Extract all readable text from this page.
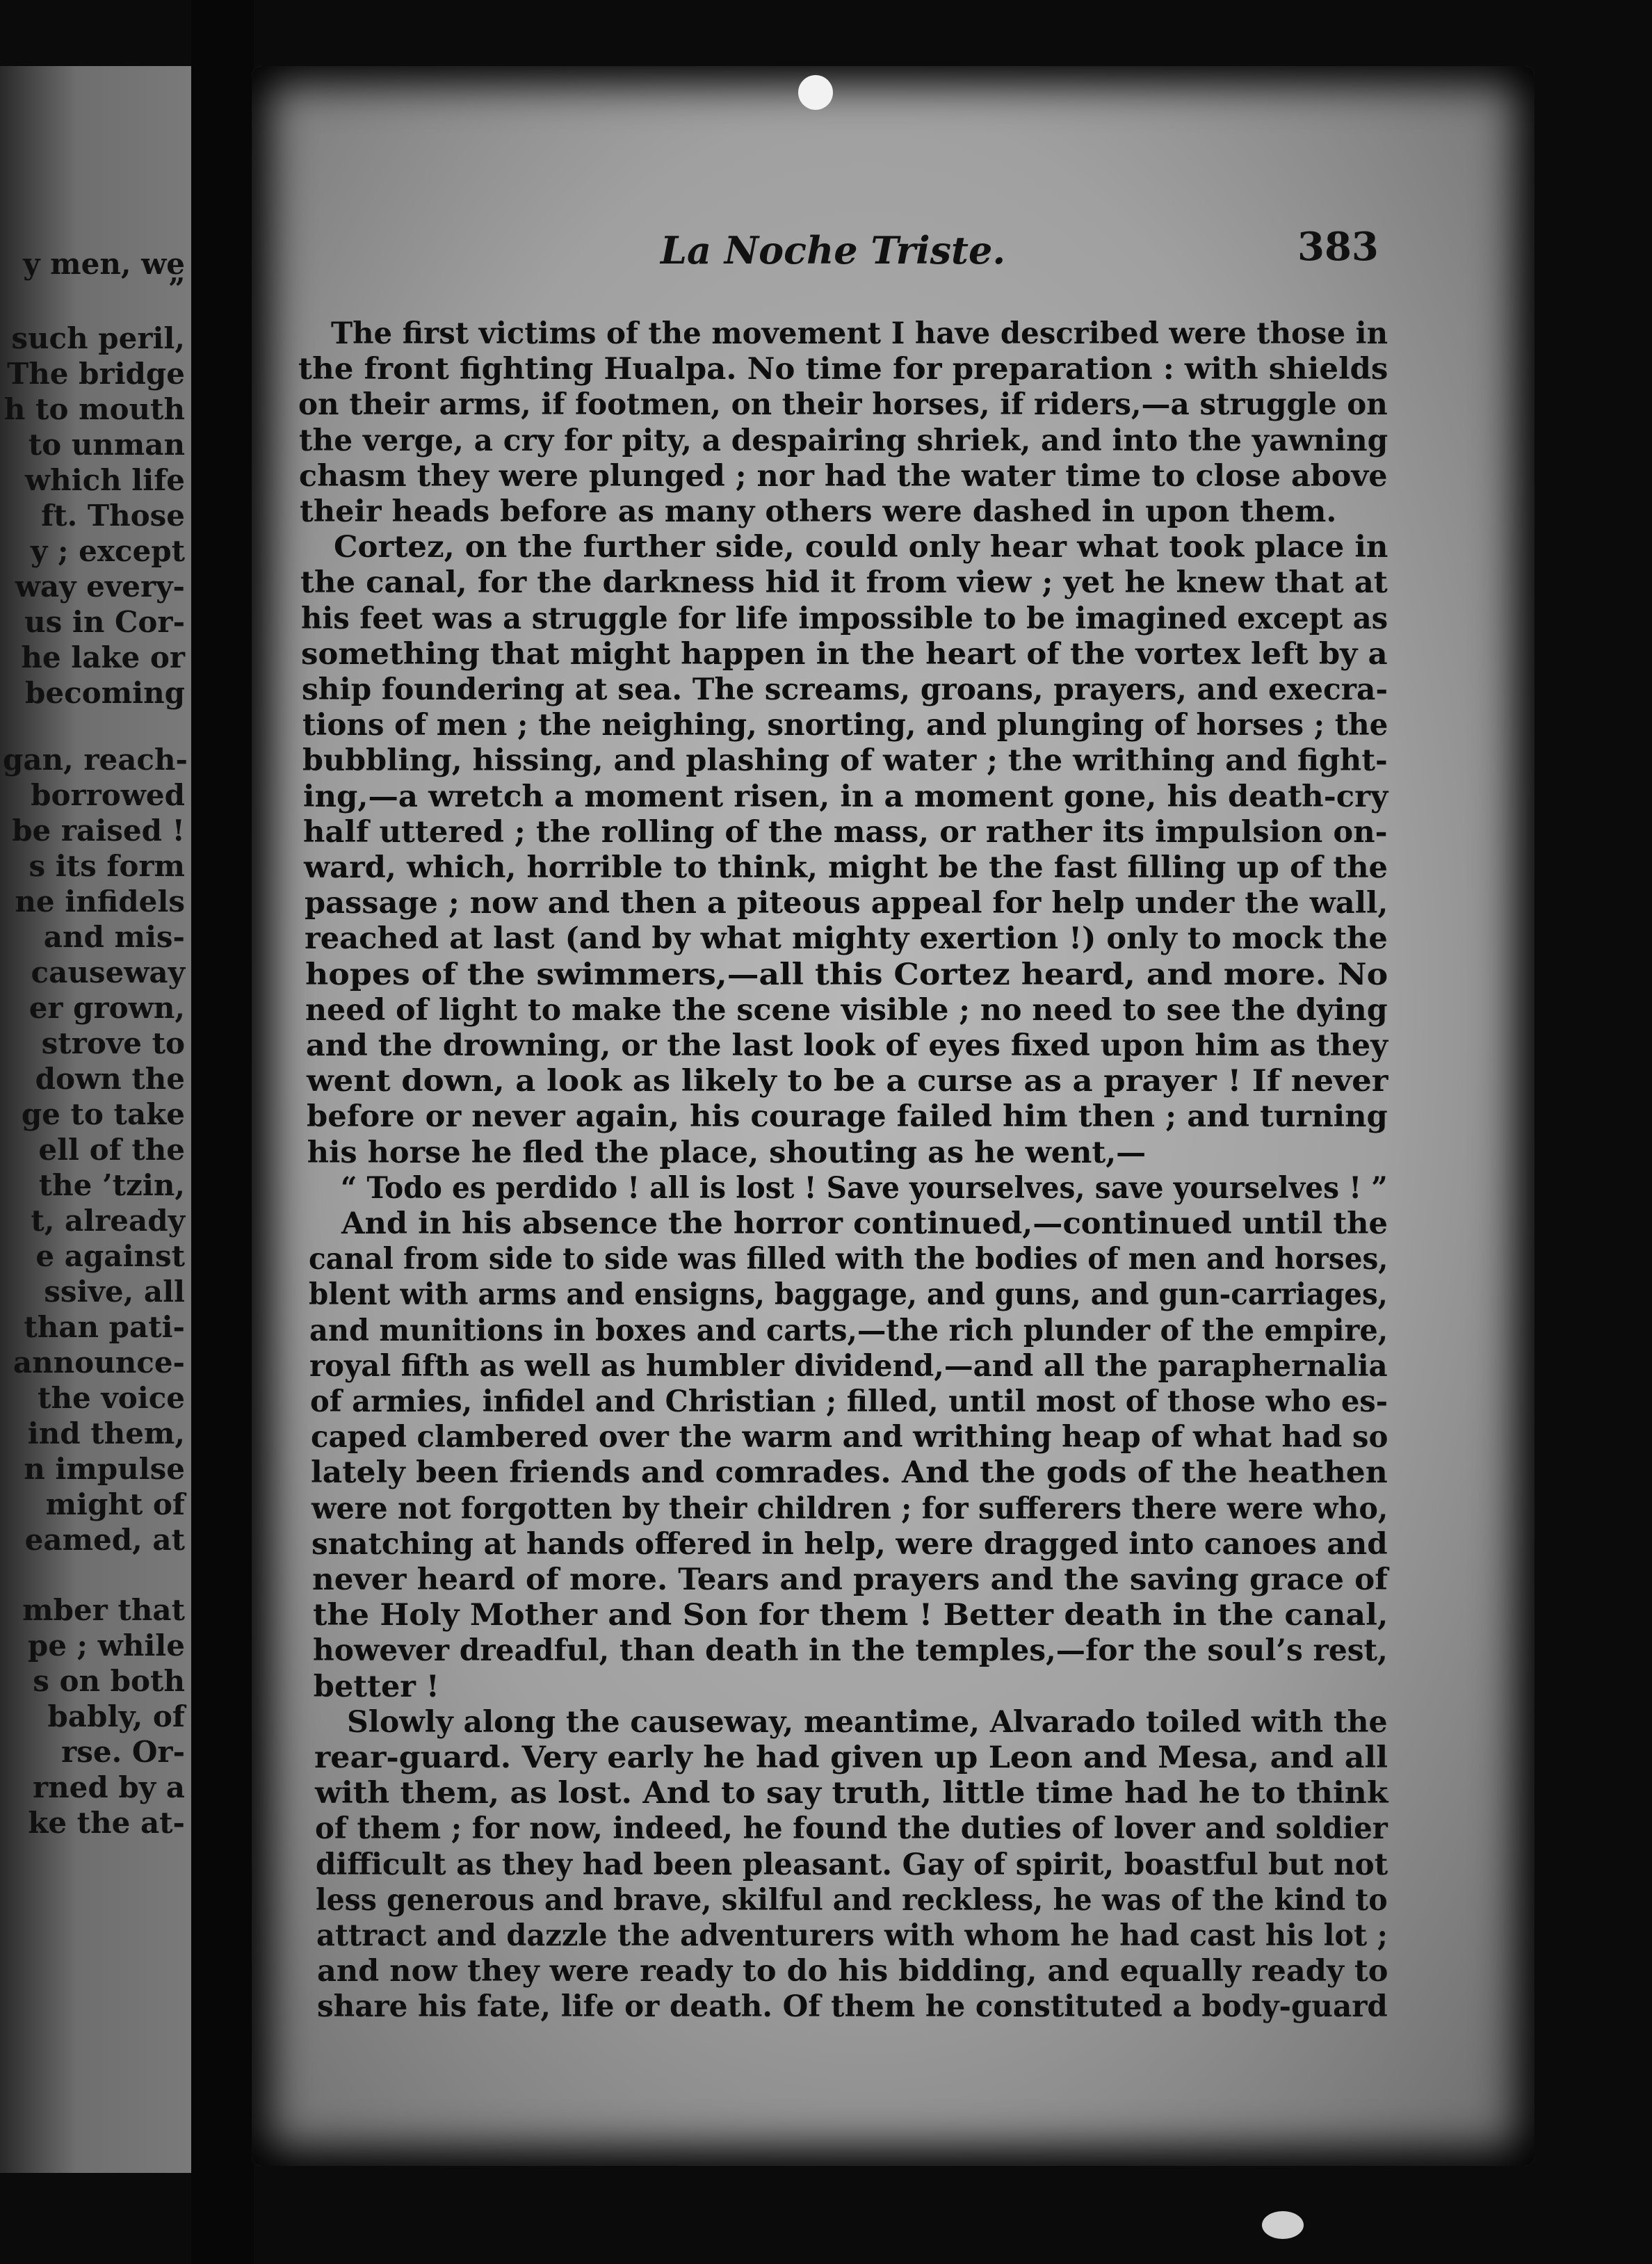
y men, we
”
such peril,
The bridge
h to mouth
to unman
which life
ft. Those
y ; except
way every-
us in Cor-
he lake or
becoming
gan, reach-
borrowed
be raised !
s its form
ne infidels
and mis-
causeway
er grown,
strove to
down the
ge to take
ell of the
the ’tzin,
t, already
e against
ssive, all
than pati-
announce-
the voice
ind them,
n impulse
might of
eamed, at
mber that
pe ; while
s on both
bably, of
rse. Or-
rned by a
ke the at-
La Noche Triste.	383
The first victims of the movement I have described were those in
the front fighting Hualpa. No time for preparation : with shields
on their arms, if footmen, on their horses, if riders,—a struggle on
the verge, a cry for pity, a despairing shriek, and into the yawning
chasm they were plunged ; nor had the water time to close above
their heads before as many others were dashed in upon them.
Cortez, on the further side, could only hear what took place in
the canal, for the darkness hid it from view ; yet he knew that at
his feet was a struggle for life impossible to be imagined except as
something that might happen in the heart of the vortex left by a
ship foundering at sea. The screams, groans, prayers, and execra-
tions of men ; the neighing, snorting, and plunging of horses ; the
bubbling, hissing, and plashing of water ; the writhing and fight-
ing,—a wretch a moment risen, in a moment gone, his death-cry
half uttered ; the rolling of the mass, or rather its impulsion on-
ward, which, horrible to think, might be the fast filling up of the
passage ; now and then a piteous appeal for help under the wall,
reached at last (and by what mighty exertion !) only to mock the
hopes of the swimmers,—all this Cortez heard, and more. No
need of light to make the scene visible ; no need to see the dying
and the drowning, or the last look of eyes fixed upon him as they
went down, a look as likely to be a curse as a prayer ! If never
before or never again, his courage failed him then ; and turning
his horse he fled the place, shouting as he went,—
“ Todo es perdido ! all is lost ! Save yourselves, save yourselves ! ”
And in his absence the horror continued,—continued until the
canal from side to side was filled with the bodies of men and horses,
blent with arms and ensigns, baggage, and guns, and gun-carriages,
and munitions in boxes and carts,—the rich plunder of the empire,
royal fifth as well as humbler dividend,—and all the paraphernalia
of armies, infidel and Christian ; filled, until most of those who es-
caped clambered over the warm and writhing heap of what had so
lately been friends and comrades. And the gods of the heathen
were not forgotten by their children ; for sufferers there were who,
snatching at hands offered in help, were dragged into canoes and
never heard of more. Tears and prayers and the saving grace of
the Holy Mother and Son for them ! Better death in the canal,
however dreadful, than death in the temples,—for the soul’s rest,
better !
Slowly along the causeway, meantime, Alvarado toiled with the
rear-guard. Very early he had given up Leon and Mesa, and all
with them, as lost. And to say truth, little time had he to think
of them ; for now, indeed, he found the duties of lover and soldier
difficult as they had been pleasant. Gay of spirit, boastful but not
less generous and brave, skilful and reckless, he was of the kind to
attract and dazzle the adventurers with whom he had cast his lot ;
and now they were ready to do his bidding, and equally ready to
share his fate, life or death. Of them he constituted a body-guard
